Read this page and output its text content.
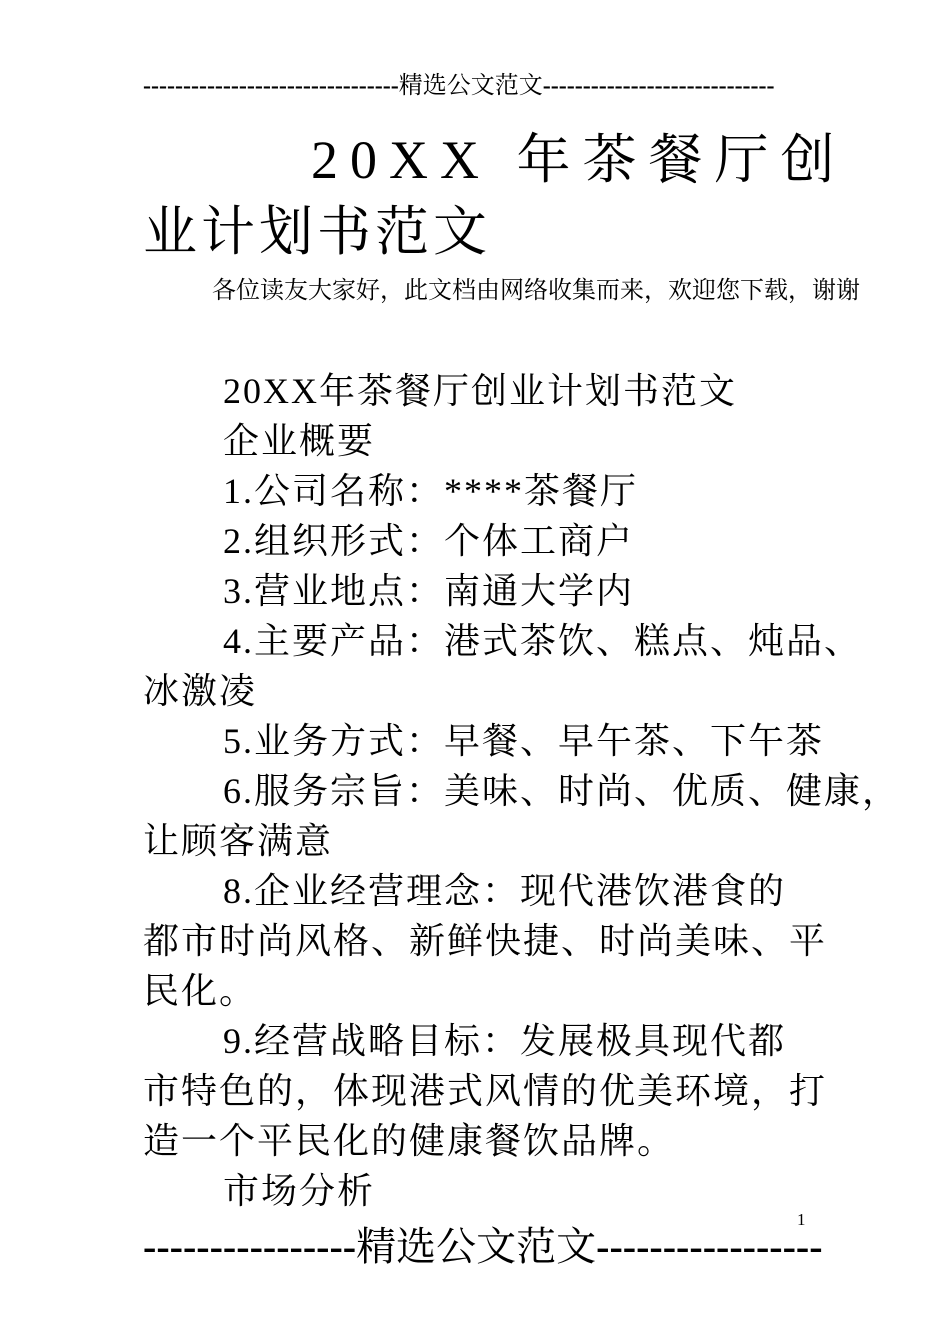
--------------------------------精选公文范文-----------------------------
20XX 年茶餐厅创
业计划书范文
各位读友大家好，此文档由网络收集而来，欢迎您下载，谢谢
20XX年茶餐厅创业计划书范文
企业概要
1.公司名称：****茶餐厅
2.组织形式：个体工商户
3.营业地点：南通大学内
4.主要产品：港式茶饮、糕点、炖品、
冰激凌
5.业务方式：早餐、早午茶、下午茶
6.服务宗旨：美味、时尚、优质、健康，
让顾客满意
8.企业经营理念：现代港饮港食的
都市时尚风格、新鲜快捷、时尚美味、平
民化。
9.经营战略目标：发展极具现代都
市特色的，体现港式风情的优美环境，打
造一个平民化的健康餐饮品牌。
市场分析
----------------精选公文范文-----------------
1
